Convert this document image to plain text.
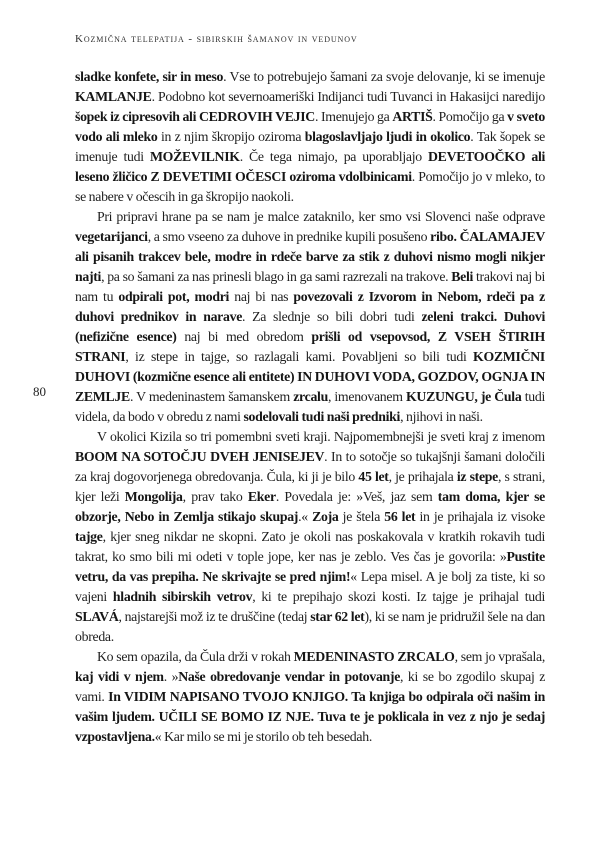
Kozmična telepatija - sibirskih šamanov in vedunov
80

sladke konfete, sir in meso. Vse to potrebujejo šamani za svoje delovanje, ki se imenuje KAMLANJE. Podobno kot severnoameriški Indijanci tudi Tuvanci in Hakasijci naredijo šopek iz cipresovih ali CEDROVIH VEJIC. Imenujejo ga ARTIŠ. Pomočijo ga v sveto vodo ali mleko in z njim škropijo oziroma blagoslavljajo ljudi in okolico. Tak šopek se imenuje tudi MOŽEVILNIK. Če tega nimajo, pa uporabljajo DEVETOOČKO ali leseno žličico Z DEVETIMI OČESCI oziroma vdolbinicami. Pomočijo jo v mleko, to se nabere v očescih in ga škropijo naokoli.

Pri pripravi hrane pa se nam je malce zataknilo, ker smo vsi Slovenci naše odprave vegetarijanci, a smo vseeno za duhove in prednike kupili posušeno ribo. ČALAMAJEV ali pisanih trakcev bele, modre in rdeče barve za stik z duhovi nismo mogli nikjer najti, pa so šamani za nas prinesli blago in ga sami razrezali na trakove. Beli trakovi naj bi nam tu odpirali pot, modri naj bi nas povezovali z Izvorom in Nebom, rdeči pa z duhovi prednikov in narave. Za slednje so bili dobri tudi zeleni trakci. Duhovi (nefizične esence) naj bi med obredom prišli od vsepovsod, Z VSEH ŠTIRIH STRANI, iz stepe in tajge, so razlagali kami. Povabljeni so bili tudi KOZMIČNI DUHOVI (kozmične esence ali entitete) IN DUHOVI VODA, GOZDOV, OGNJA IN ZEMLJE. V medeninastem šamanskem zrcalu, imenovanem KUZUNGU, je Čula tudi videla, da bodo v obredu z nami sodelovali tudi naši predniki, njihovi in naši.

V okolici Kizila so tri pomembni sveti kraji. Najpomembnejši je sveti kraj z imenom BOOM NA SOTOČJU DVEH JENISEJEV. In to sotočje so tukajšnji šamani določili za kraj dogovorjenega obredovanja. Čula, ki ji je bilo 45 let, je prihajala iz stepe, s strani, kjer leži Mongolija, prav tako Eker. Povedala je: »Veš, jaz sem tam doma, kjer se obzorje, Nebo in Zemlja stikajo skupaj.« Zoja je štela 56 let in je prihajala iz visoke tajge, kjer sneg nikdar ne skopni. Zato je okoli nas poskakovala v kratkih rokavih tudi takrat, ko smo bili mi odeti v tople jope, ker nas je zeblo. Ves čas je govorila: »Pustite vetru, da vas prepiha. Ne skrivajte se pred njim!« Lepa misel. A je bolj za tiste, ki so vajeni hladnih sibirskih vetrov, ki te prepihajo skozi kosti. Iz tajge je prihajal tudi SLAVÁ, najstarejši mož iz te druščine (tedaj star 62 let), ki se nam je pridružil šele na dan obreda.

Ko sem opazila, da Čula drži v rokah MEDENINASTO ZRCALO, sem jo vprašala, kaj vidi v njem. »Naše obredovanje vendar in potovanje, ki se bo zgodilo skupaj z vami. In VIDIM NAPISANO TVOJO KNJIGO. Ta knjiga bo odpirala oči našim in vašim ljudem. UČILI SE BOMO IZ NJE. Tuva te je poklicala in vez z njo je sedaj vzpostavljena.« Kar milo se mi je storilo ob teh besedah.
